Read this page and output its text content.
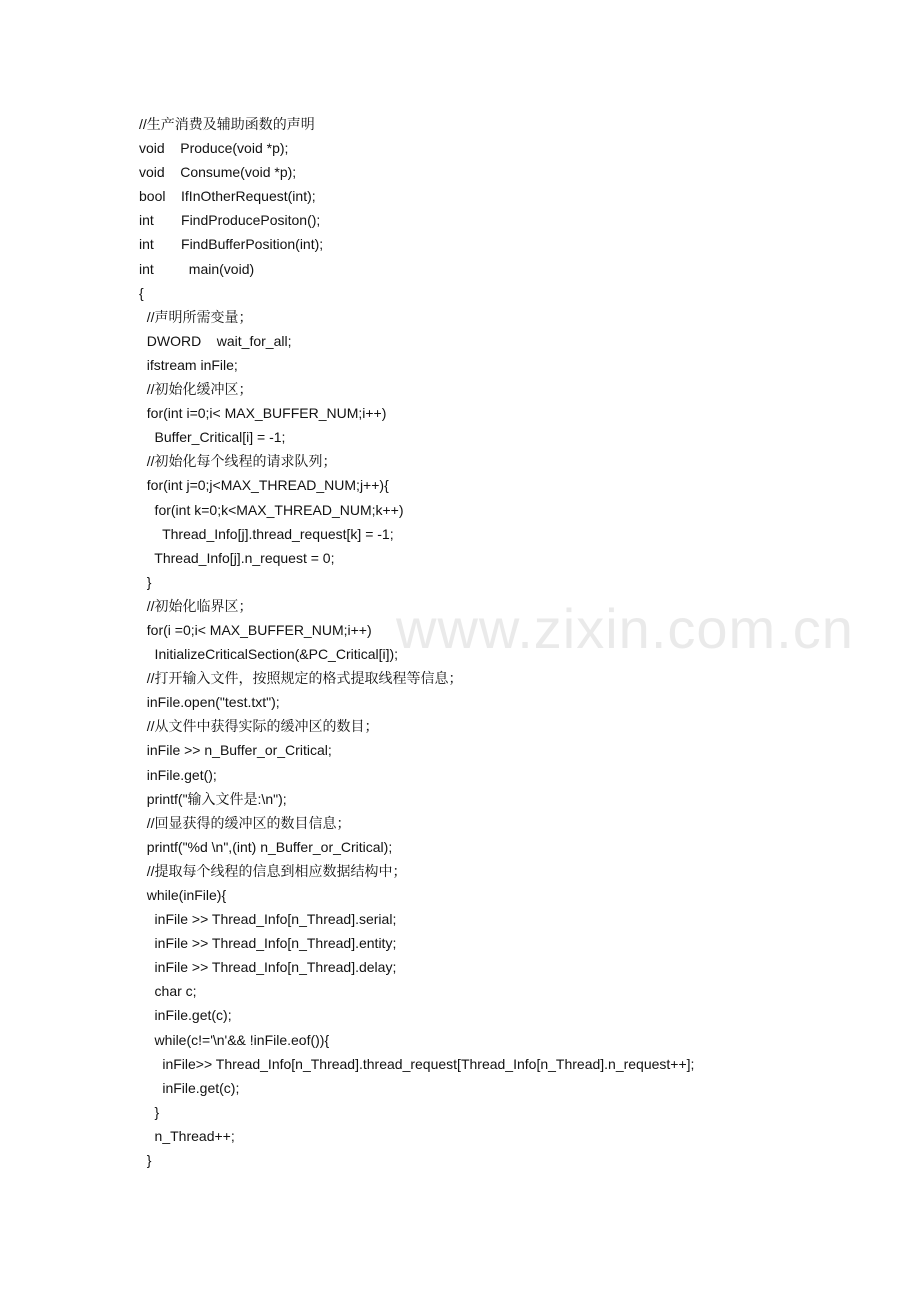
//生产消费及辅助函数的声明
void    Produce(void *p);
void    Consume(void *p);
bool    IfInOtherRequest(int);
int       FindProducePositon();
int       FindBufferPosition(int);
int         main(void)
{
//声明所需变量；
DWORD    wait_for_all;
ifstream inFile;
//初始化缓冲区；
for(int i=0;i< MAX_BUFFER_NUM;i++)
Buffer_Critical[i] = -1;
//初始化每个线程的请求队列；
for(int j=0;j<MAX_THREAD_NUM;j++){
for(int k=0;k<MAX_THREAD_NUM;k++)
Thread_Info[j].thread_request[k] = -1;
Thread_Info[j].n_request = 0;
}
//初始化临界区；
for(i =0;i< MAX_BUFFER_NUM;i++)
InitializeCriticalSection(&PC_Critical[i]);
//打开输入文件，按照规定的格式提取线程等信息；
inFile.open("test.txt");
//从文件中获得实际的缓冲区的数目；
inFile >> n_Buffer_or_Critical;
inFile.get();
printf("输入文件是:\n");
//回显获得的缓冲区的数目信息；
printf("%d \n",(int) n_Buffer_or_Critical);
//提取每个线程的信息到相应数据结构中；
while(inFile){
inFile >> Thread_Info[n_Thread].serial;
inFile >> Thread_Info[n_Thread].entity;
inFile >> Thread_Info[n_Thread].delay;
char c;
inFile.get(c);
while(c!='\n'&& !inFile.eof()){
inFile>> Thread_Info[n_Thread].thread_request[Thread_Info[n_Thread].n_request++];
inFile.get(c);
}
n_Thread++;
}
www.zixin.com.cn
